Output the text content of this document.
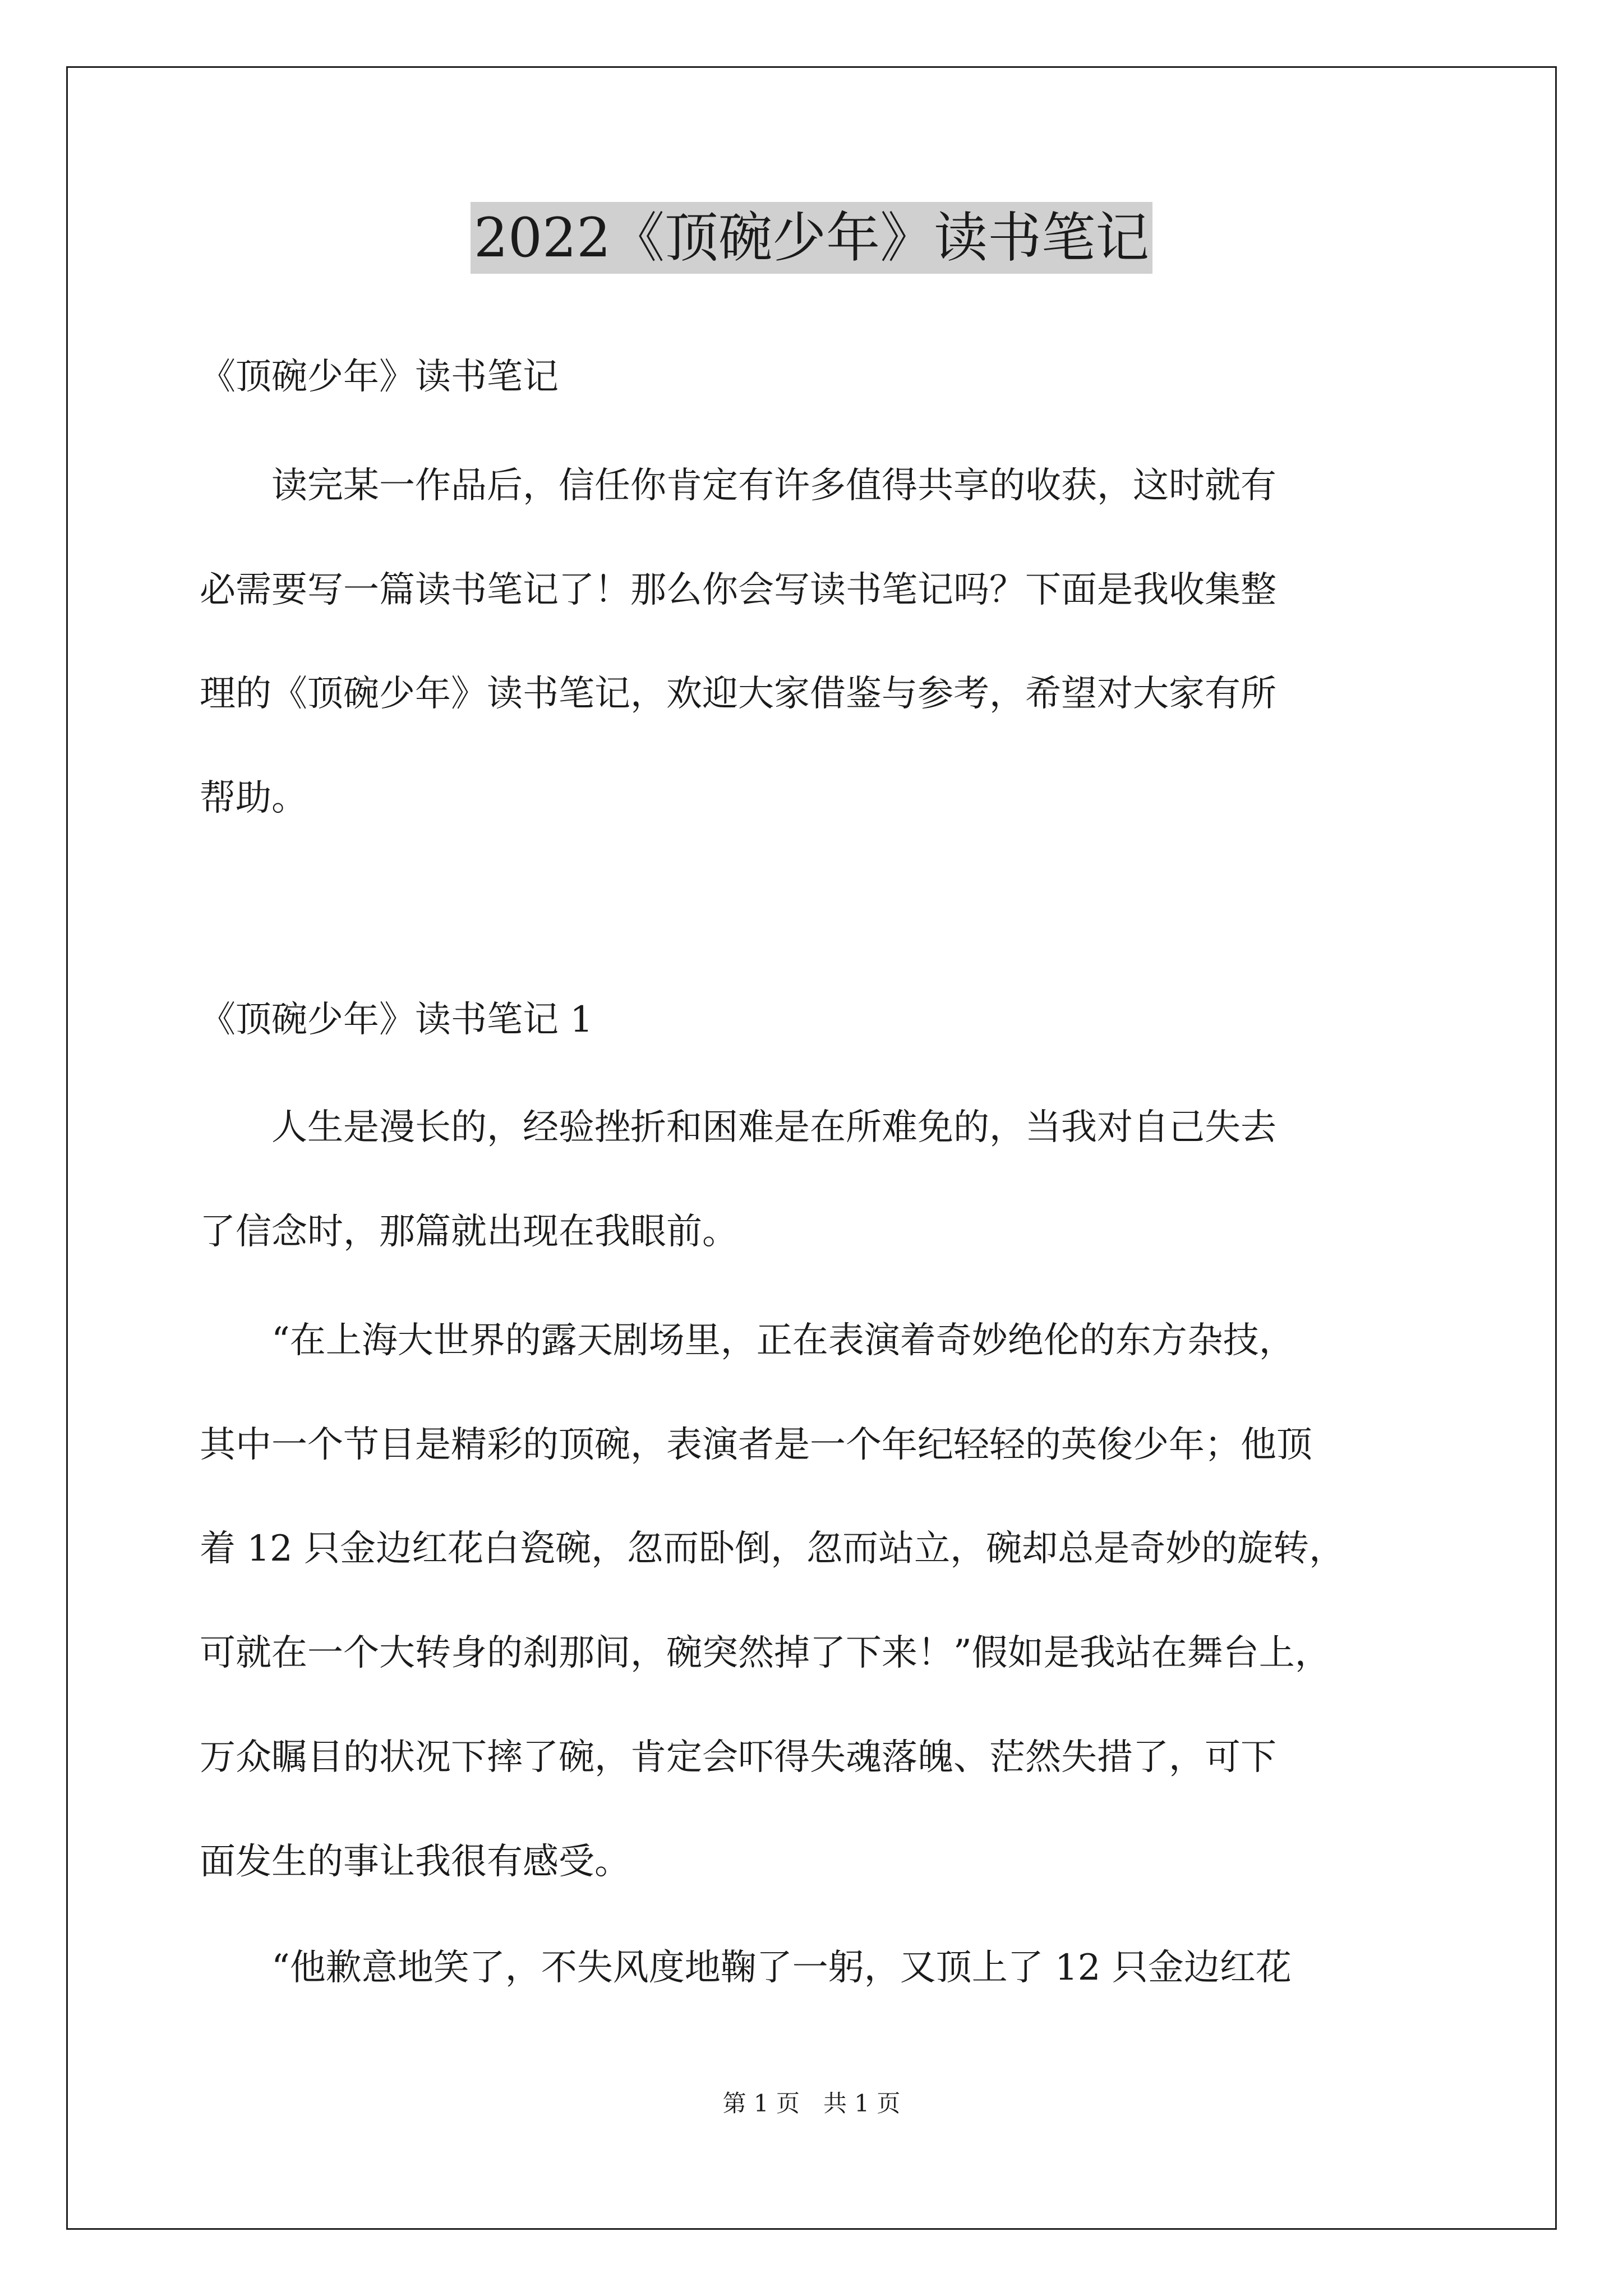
2022《顶碗少年》读书笔记
《顶碗少年》读书笔记
　　读完某一作品后，信任你肯定有许多值得共享的收获，这时就有
必需要写一篇读书笔记了！那么你会写读书笔记吗？下面是我收集整
理的《顶碗少年》读书笔记，欢迎大家借鉴与参考，希望对大家有所
帮助。
《顶碗少年》读书笔记 1
　　人生是漫长的，经验挫折和困难是在所难免的，当我对自己失去
了信念时，那篇就出现在我眼前。
　　“在上海大世界的露天剧场里，正在表演着奇妙绝伦的东方杂技，
其中一个节目是精彩的顶碗，表演者是一个年纪轻轻的英俊少年；他顶
着 12 只金边红花白瓷碗，忽而卧倒，忽而站立，碗却总是奇妙的旋转，
可就在一个大转身的刹那间，碗突然掉了下来！”假如是我站在舞台上，
万众瞩目的状况下摔了碗，肯定会吓得失魂落魄、茫然失措了，可下
面发生的事让我很有感受。
　　“他歉意地笑了，不失风度地鞠了一躬，又顶上了 12 只金边红花
第 1 页　共 1 页
